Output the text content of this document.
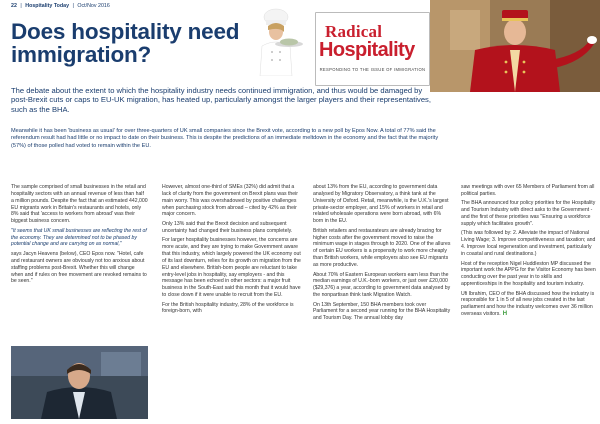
22 | Hospitality Today | Oct/Nov 2016
Does hospitality need immigration?
Radical
Hospitality
RESPONDING TO THE ISSUE OF IMMIGRATION

The debate about the extent to which the hospitality industry needs continued immigration, and thus would be damaged by post-Brexit cuts or caps to EU-UK migration, has heated up, particularly amongst the larger players and their representatives, such as the BHA.

Meanwhile it has been 'business as usual' for over three-quarters of UK small companies since the Brexit vote, according to a new poll by Epos Now. A total of 77% said the referendum result had had little or no impact to date on their business. This is despite the predictions of an immediate meltdown in the economy and the fact that the majority (57%) of those polled had voted to remain within the EU.

The sample comprised of small businesses in the retail and hospitality sectors with an annual revenue of less than half a million pounds. Despite the fact that an estimated 442,000 EU migrants work in Britain's restaurants and hotels, only 8% said that 'access to workers from abroad' was their biggest business concern.

"It seems that UK small businesses are reflecting the rest of the economy. They are determined not to be phased by potential change and are carrying on as normal,"

says Jacyn Heavens (below), CEO Epos now. "Hotel, cafe and restaurant owners are obviously not too anxious about staffing problems post-Brexit. Whether this will change when and if rules on free movement are revoked remains to be seen."

However, almost one-third of SMEs (32%) did admit that a lack of clarity from the government on Brexit plans was their main worry. This was overshadowed by positive challenges when purchasing stock from abroad – cited by 42% as their major concern.

Only 13% said that the Brexit decision and subsequent uncertainty had changed their business plans completely.

For larger hospitality businesses however, the concerns are more acute, and they are trying to make Government aware that this industry, which largely powered the UK economy out of its last downturn, relies for its growth on migration from the EU and elsewhere. British-born people are reluctant to take entry-level jobs in hospitality, say employers - and this message has been echoed in other sectors: a major fruit business in the South-East said this month that it would have to close down if it were unable to recruit from the EU.

For the British hospitality industry, 28% of the workforce is foreign-born, with

about 13% from the EU, according to government data analysed by Migratory Observatory, a think tank at the University of Oxford. Retail, meanwhile, is the U.K.'s largest private-sector employer, and 15% of workers in retail and related wholesale operations were born abroad, with 6% born in the EU.

British retailers and restaurateurs are already bracing for higher costs after the government moved to raise the minimum wage in stages through to 2020. One of the allures of certain EU workers is a propensity to work more cheaply than British workers, while employers also see EU migrants as more productive.

About 70% of Eastern European workers earn less than the median earnings of U.K.-born workers, or just over £20,000 ($29,376) a year, according to government data analysed by the nonpartisan think tank Migration Watch.

On 13th September, 150 BHA members took over Parliament for a second year running for the BHA Hospitality and Tourism Day. The annual lobby day

saw meetings with over 65 Members of Parliament from all political parties.

The BHA announced four policy priorities for the Hospitality and Tourism Industry with direct asks to the Government - and the first of these priorities was "Ensuring a workforce supply which facilitates growth".

(This was followed by: 2. Alleviate the impact of National Living Wage; 3. Improve competitiveness and taxation; and 4. Improve local regeneration and investment, particularly in coastal and rural destinations.)

Host of the reception Nigel Huddleston MP discussed the important work the APPG for the Visitor Economy has been conducting over the past year in to skills and apprenticeships in the hospitality and tourism industry.

Ufi Ibrahim, CEO of the BHA discussed how the industry is responsible for 1 in 5 of all new jobs created in the last parliament and how the industry welcomes over 36 million overseas visitors. H
